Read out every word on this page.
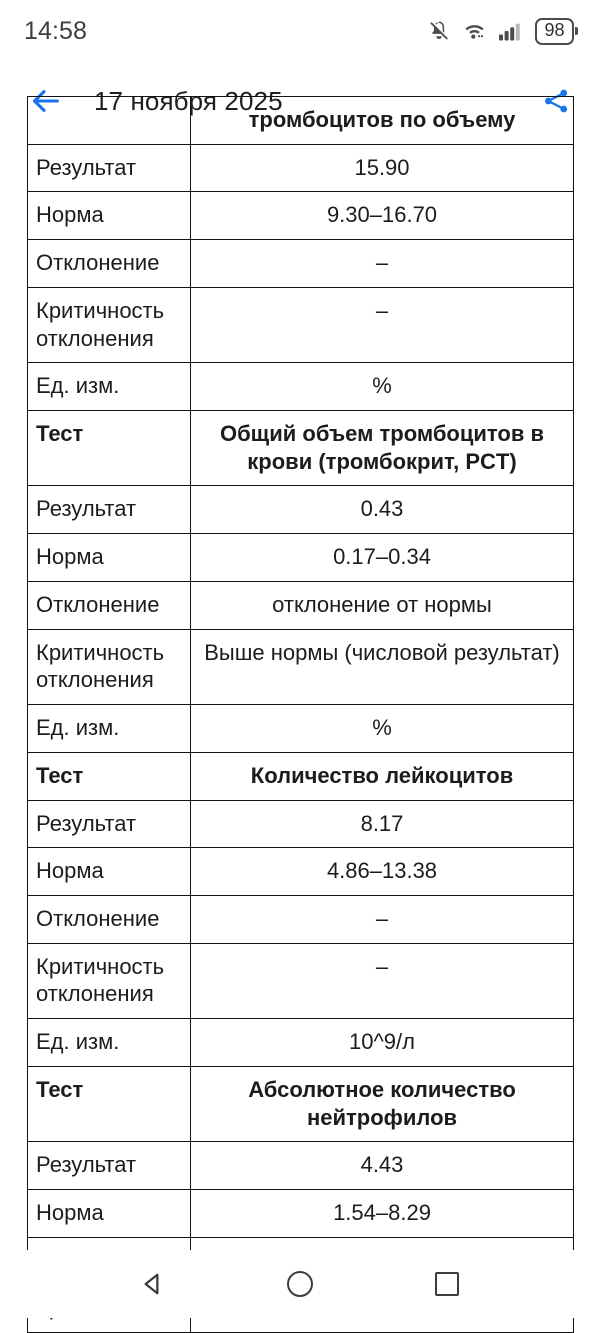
14:58	98
17 ноября 2025
	тромбоцитов по объему
Результат	15.90
Норма	9.30–16.70
Отклонение	–
Критичность отклонения	–
Ед. изм.	%
Тест	Общий объем тромбоцитов в крови (тромбокрит, PCT)
Результат	0.43
Норма	0.17–0.34
Отклонение	отклонение от нормы
Критичность отклонения	Выше нормы (числовой результат)
Ед. изм.	%
Тест	Количество лейкоцитов
Результат	8.17
Норма	4.86–13.38
Отклонение	–
Критичность отклонения	–
Ед. изм.	10^9/л
Тест	Абсолютное количество нейтрофилов
Результат	4.43
Норма	1.54–8.29
